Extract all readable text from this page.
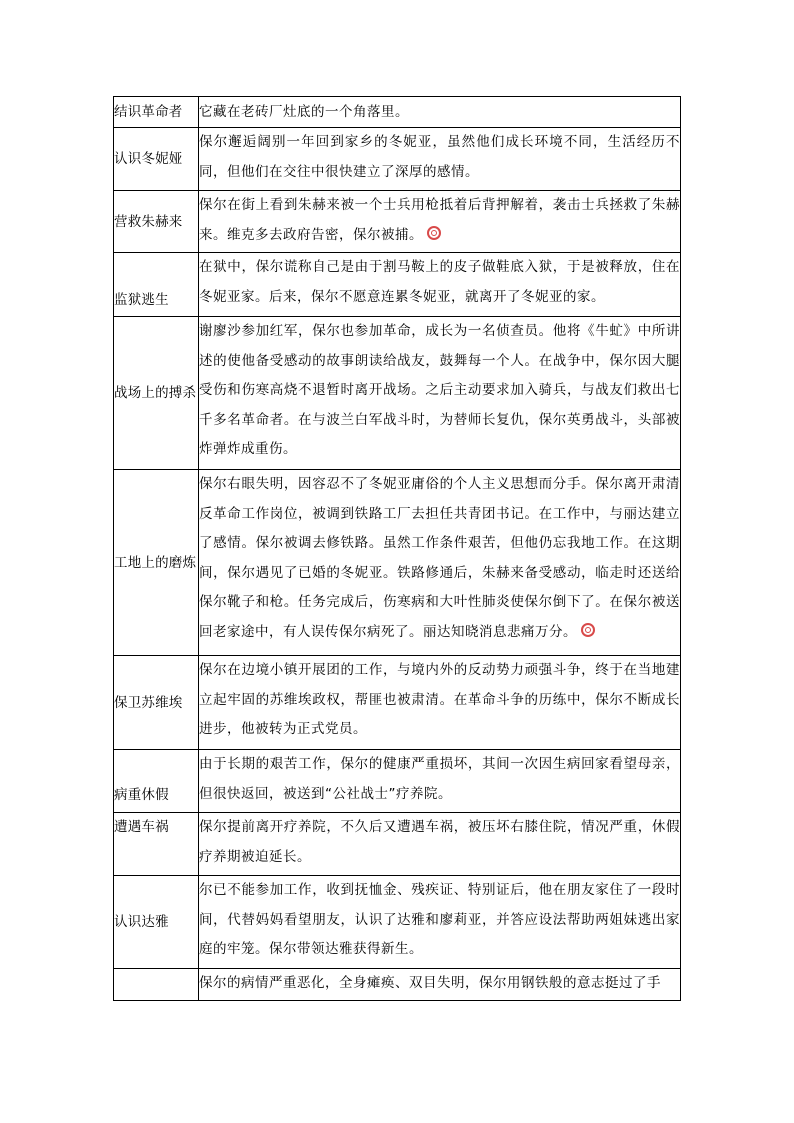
结识革命者	它藏在老砖厂灶底的一个角落里。

认识冬妮娅	保尔邂逅阔别一年回到家乡的冬妮亚，虽然他们成长环境不同，生活经历不同，但他们在交往中很快建立了深厚的感情。

营救朱赫来	保尔在街上看到朱赫来被一个士兵用枪抵着后背押解着，袭击士兵拯救了朱赫来。维克多去政府告密，保尔被捕。

监狱逃生	在狱中，保尔谎称自己是由于割马鞍上的皮子做鞋底入狱，于是被释放，住在冬妮亚家。后来，保尔不愿意连累冬妮亚，就离开了冬妮亚的家。

战场上的搏杀	谢廖沙参加红军，保尔也参加革命，成长为一名侦查员。他将《牛虻》中所讲述的使他备受感动的故事朗读给战友，鼓舞每一个人。在战争中，保尔因大腿受伤和伤寒高烧不退暂时离开战场。之后主动要求加入骑兵，与战友们救出七千多名革命者。在与波兰白军战斗时，为替师长复仇，保尔英勇战斗，头部被炸弹炸成重伤。

工地上的磨炼	保尔右眼失明，因容忍不了冬妮亚庸俗的个人主义思想而分手。保尔离开肃清反革命工作岗位，被调到铁路工厂去担任共青团书记。在工作中，与丽达建立了感情。保尔被调去修铁路。虽然工作条件艰苦，但他仍忘我地工作。在这期间，保尔遇见了已婚的冬妮亚。铁路修通后，朱赫来备受感动，临走时还送给保尔靴子和枪。任务完成后，伤寒病和大叶性肺炎使保尔倒下了。在保尔被送回老家途中，有人误传保尔病死了。丽达知晓消息悲痛万分。

保卫苏维埃	保尔在边境小镇开展团的工作，与境内外的反动势力顽强斗争，终于在当地建立起牢固的苏维埃政权，帮匪也被肃清。在革命斗争的历练中，保尔不断成长进步，他被转为正式党员。

病重休假	由于长期的艰苦工作，保尔的健康严重损坏，其间一次因生病回家看望母亲，但很快返回，被送到“公社战士”疗养院。

遭遇车祸	保尔提前离开疗养院，不久后又遭遇车祸，被压坏右膝住院，情况严重，休假疗养期被迫延长。

认识达雅	尔已不能参加工作，收到抚恤金、残疾证、特别证后，他在朋友家住了一段时间，代替妈妈看望朋友，认识了达雅和廖莉亚，并答应设法帮助两姐妹逃出家庭的牢笼。保尔带领达雅获得新生。

	保尔的病情严重恶化，全身瘫痪、双目失明，保尔用钢铁般的意志挺过了手
